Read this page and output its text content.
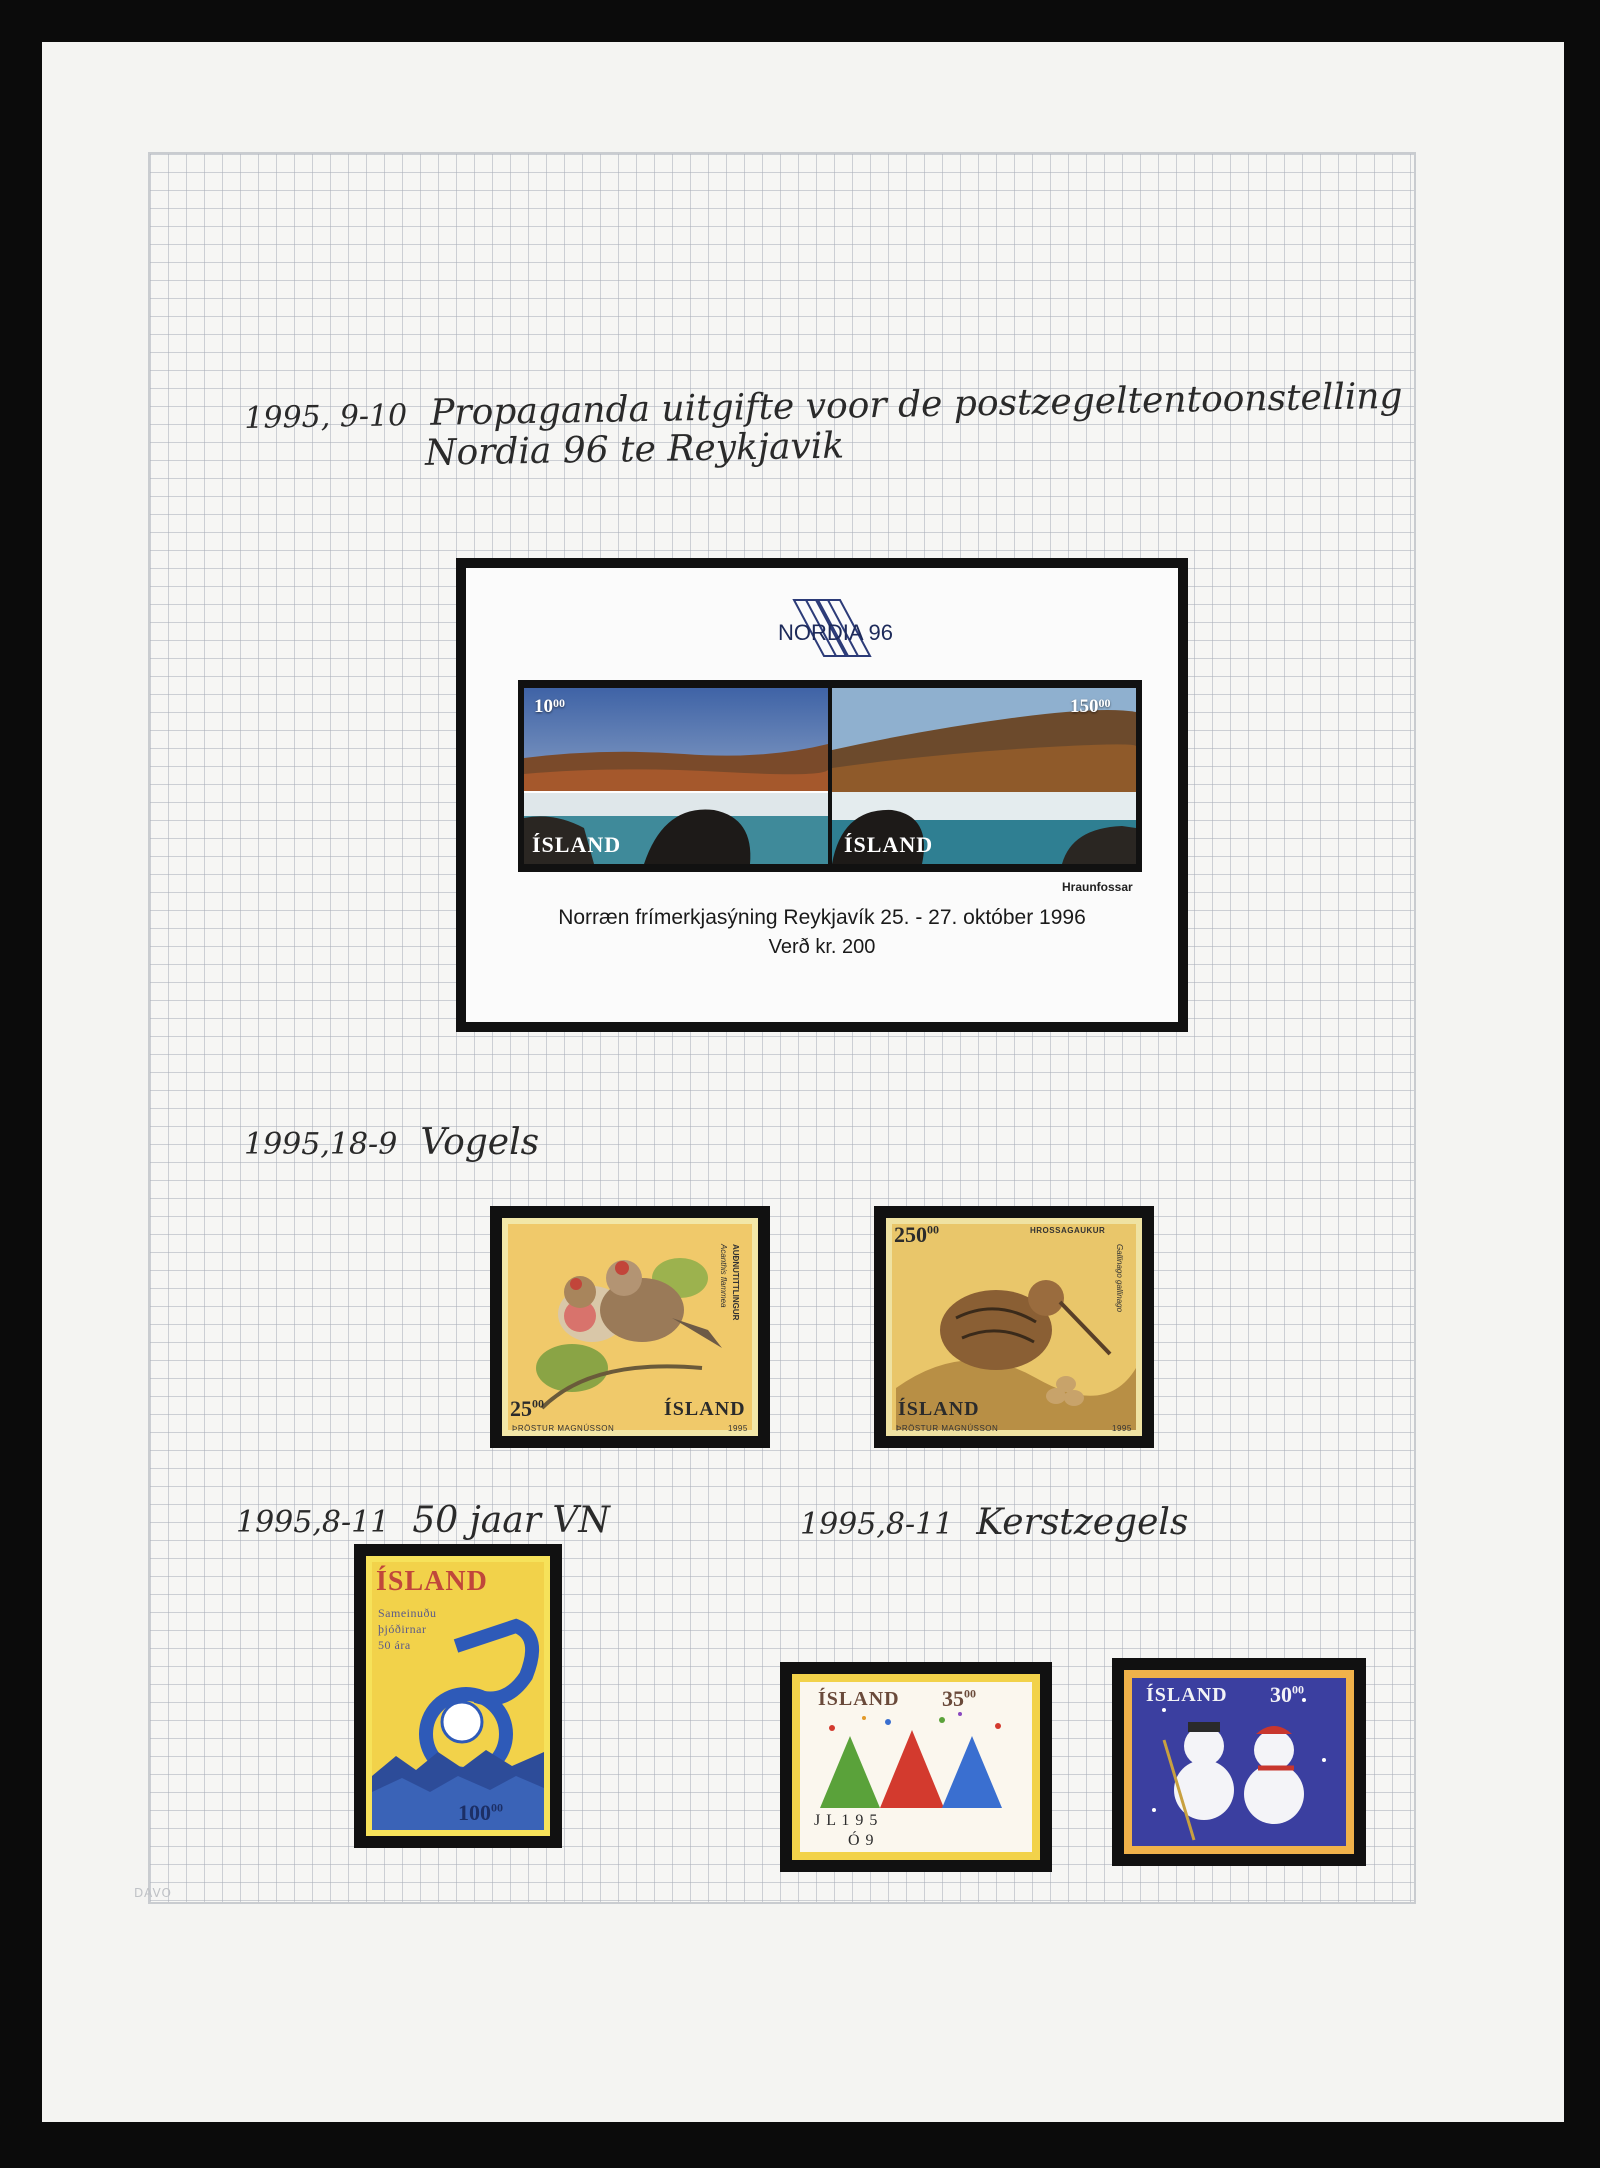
DAVO
1995, 9-10 Propaganda uitgifte voor de postzegeltentoonstelling
Nordia 96 te Reykjavik
NORDIA 96
$10^{00}$
ÍSLAND
$150^{00}$
ÍSLAND
Hraunfossar
Norræn frímerkjasýning Reykjavík 25. - 27. október 1996
Verð kr. 200
1995,18-9 Vogels
AUÐNUTITTLINGUR
Acanthis flammea
$25^{00}$	ÍSLAND
ÞRÖSTUR MAGNÚSSON	1995
$250^{00}$	HROSSAGAUKUR
Gallinago gallinago
ÍSLAND
ÞRÖSTUR MAGNÚSSON	1995
1995,8-11 50 jaar VN	1995,8-11 Kerstzegels
ÍSLAND
Sameinuðu
þjóðirnar
50 ára
$100^{00}$
ÍSLAND $35^{00}$
J L 1 9 5
Ó 9
ÍSLAND $30^{00}$
